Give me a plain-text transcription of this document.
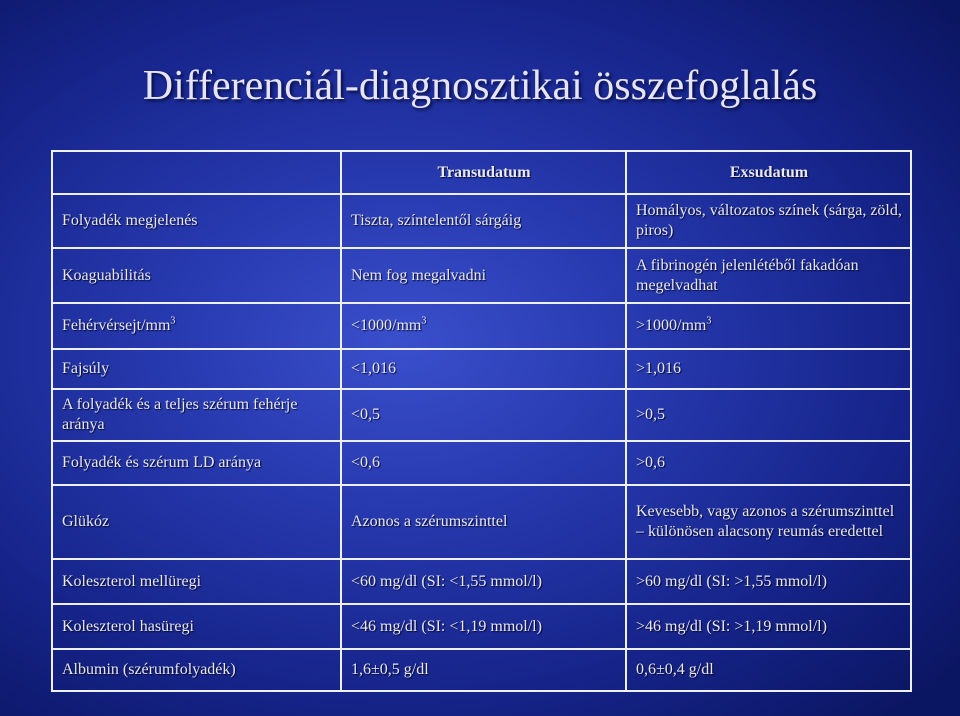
Differenciál-diagnosztikai összefoglalás
	Transudatum	Exsudatum
Folyadék megjelenés	Tiszta, színtelentől sárgáig	Homályos, változatos színek (sárga, zöld, piros)
Koaguabilitás	Nem fog megalvadni	A fibrinogén jelenlétéből fakadóan megelvadhat
Fehérvérsejt/$mm^3$	$<1000/mm^3$	$>1000/mm^3$
Fajsúly	<1,016	>1,016
A folyadék és a teljes szérum fehérje aránya	<0,5	>0,5
Folyadék és szérum LD aránya	<0,6	>0,6
Glükóz	Azonos a szérumszinttel	Kevesebb, vagy azonos a szérumszinttel – különösen alacsony reumás eredettel
Koleszterol mellüregi	<60 mg/dl (SI: <1,55 mmol/l)	>60 mg/dl (SI: >1,55 mmol/l)
Koleszterol hasüregi	<46 mg/dl (SI: <1,19 mmol/l)	>46 mg/dl (SI: >1,19 mmol/l)
Albumin (szérumfolyadék)	1,6±0,5 g/dl	0,6±0,4 g/dl
